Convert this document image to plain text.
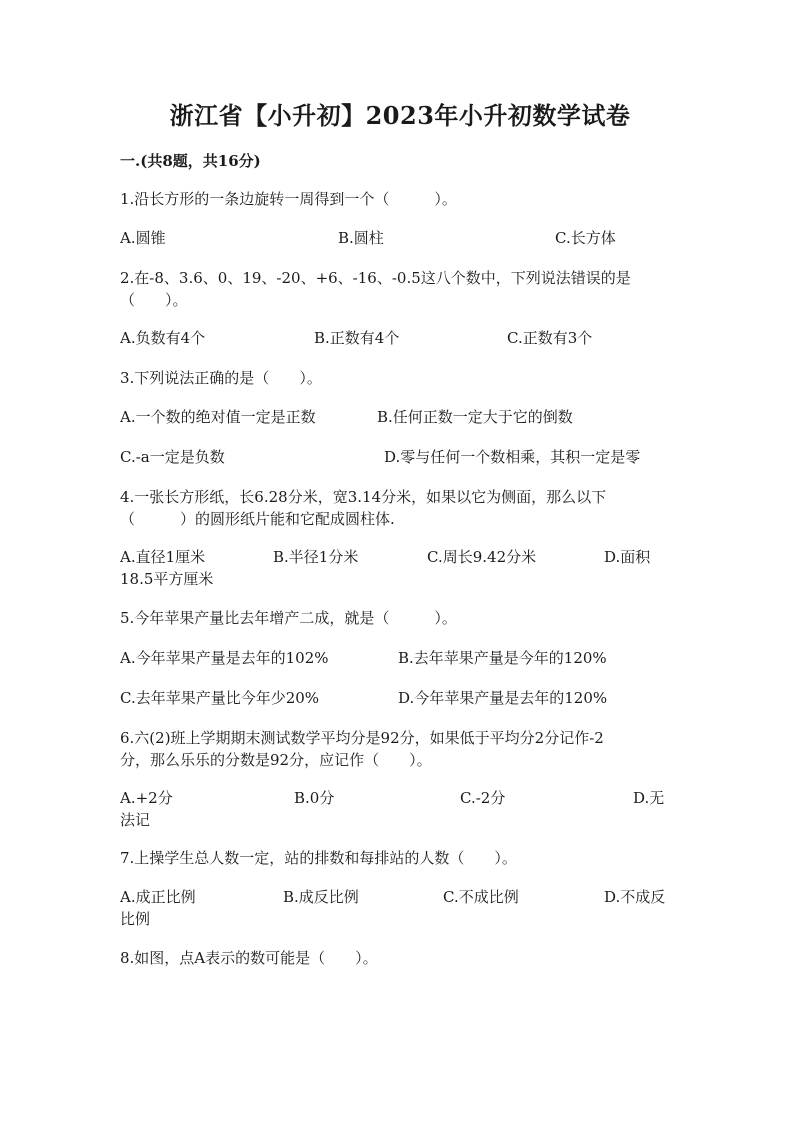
浙江省【小升初】2023年小升初数学试卷
一.(共8题，共16分)
1.沿长方形的一条边旋转一周得到一个（　　　）。
A.圆锥	B.圆柱	C.长方体
2.在-8、3.6、0、19、-20、+6、-16、-0.5这八个数中，下列说法错误的是
（　　）。
A.负数有4个	B.正数有4个	C.正数有3个
3.下列说法正确的是（　　）。
A.一个数的绝对值一定是正数	B.任何正数一定大于它的倒数
C.-a一定是负数	D.零与任何一个数相乘，其积一定是零
4.一张长方形纸，长6.28分米，宽3.14分米，如果以它为侧面，那么以下
（　　　）的圆形纸片能和它配成圆柱体.
A.直径1厘米	B.半径1分米	C.周长9.42分米	D.面积
18.5平方厘米
5.今年苹果产量比去年增产二成，就是（　　　）。
A.今年苹果产量是去年的102%	B.去年苹果产量是今年的120%
C.去年苹果产量比今年少20%	D.今年苹果产量是去年的120%
6.六(2)班上学期期末测试数学平均分是92分，如果低于平均分2分记作-2
分，那么乐乐的分数是92分，应记作（　　）。
A.+2分	B.0分	C.-2分	D.无
法记
7.上操学生总人数一定，站的排数和每排站的人数（　　）。
A.成正比例	B.成反比例	C.不成比例	D.不成反
比例
8.如图，点A表示的数可能是（　　）。
